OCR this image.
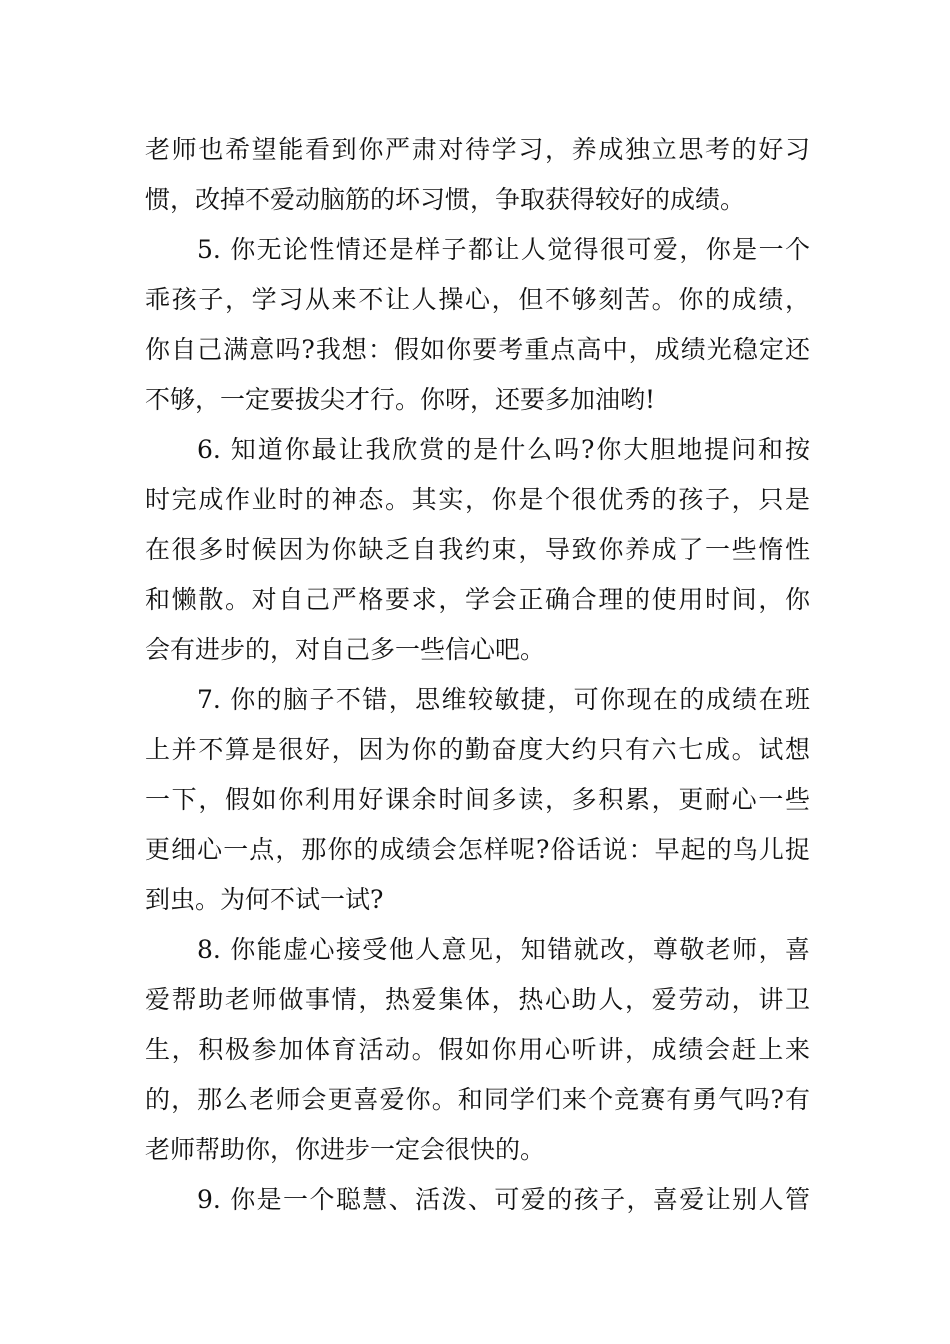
老师也希望能看到你严肃对待学习，养成独立思考的好习
惯，改掉不爱动脑筋的坏习惯，争取获得较好的成绩。
5. 你无论性情还是样子都让人觉得很可爱，你是一个
乖孩子，学习从来不让人操心，但不够刻苦。你的成绩，
你自己满意吗?我想：假如你要考重点高中，成绩光稳定还
不够，一定要拔尖才行。你呀，还要多加油哟!
6. 知道你最让我欣赏的是什么吗?你大胆地提问和按
时完成作业时的神态。其实，你是个很优秀的孩子，只是
在很多时候因为你缺乏自我约束，导致你养成了一些惰性
和懒散。对自己严格要求，学会正确合理的使用时间，你
会有进步的，对自己多一些信心吧。
7. 你的脑子不错，思维较敏捷，可你现在的成绩在班
上并不算是很好，因为你的勤奋度大约只有六七成。试想
一下，假如你利用好课余时间多读，多积累，更耐心一些
更细心一点，那你的成绩会怎样呢?俗话说：早起的鸟儿捉
到虫。为何不试一试?
8. 你能虚心接受他人意见，知错就改，尊敬老师，喜
爱帮助老师做事情，热爱集体，热心助人，爱劳动，讲卫
生，积极参加体育活动。假如你用心听讲，成绩会赶上来
的，那么老师会更喜爱你。和同学们来个竞赛有勇气吗?有
老师帮助你，你进步一定会很快的。
9. 你是一个聪慧、活泼、可爱的孩子，喜爱让别人管
